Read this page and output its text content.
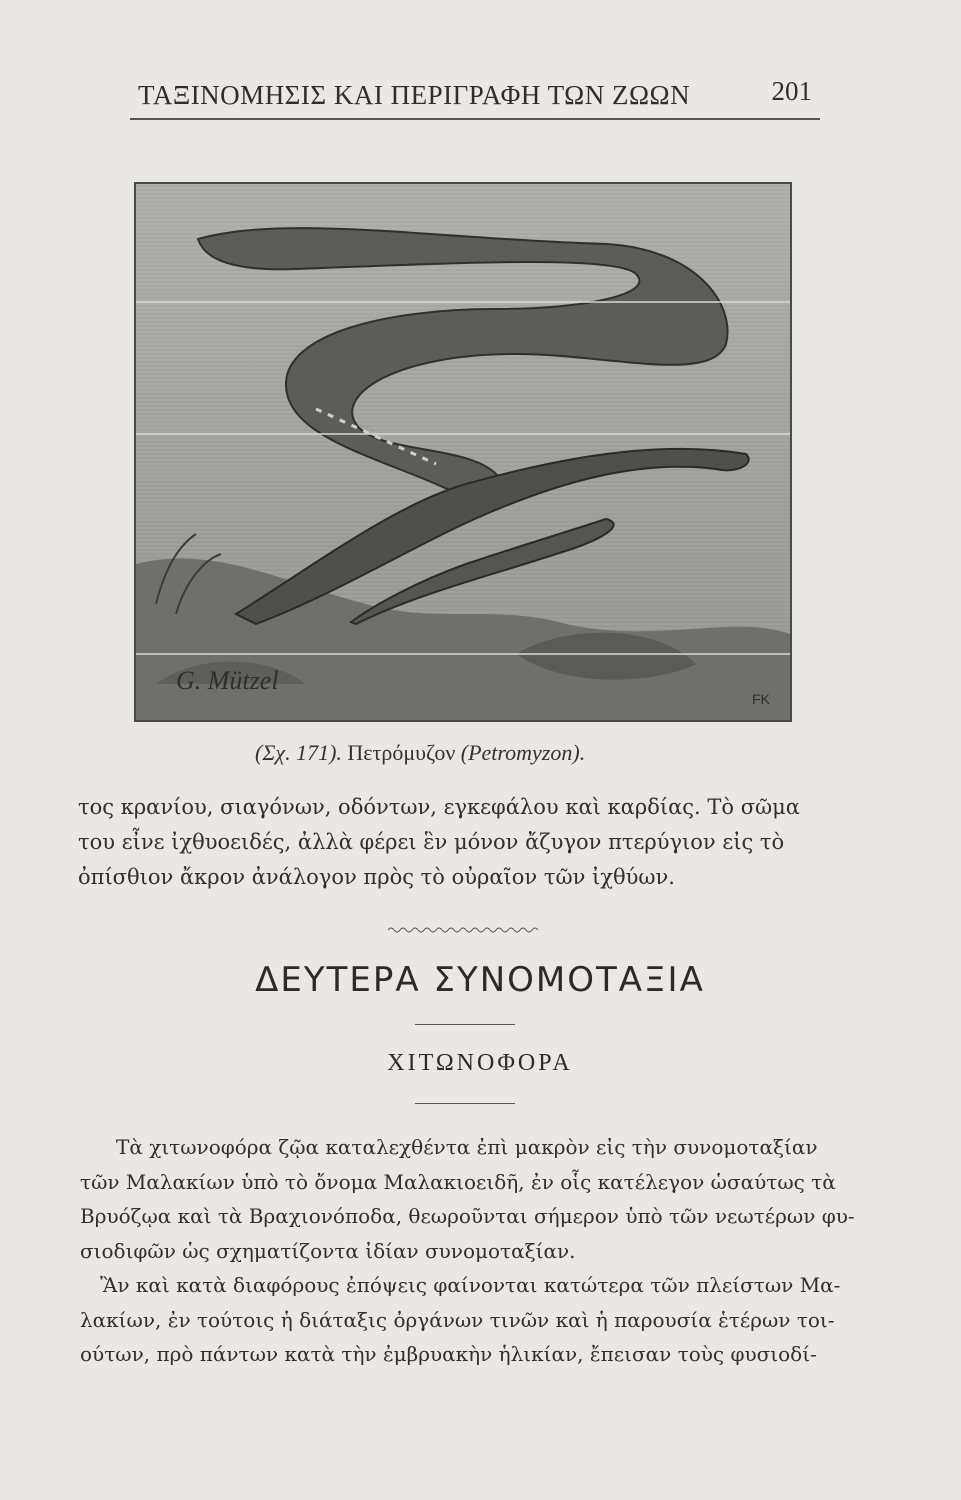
ΤΑΞΙΝΟΜΗΣΙΣ ΚΑΙ ΠΕΡΙΓΡΑΦΗ ΤΩΝ ΖΩΩΝ	201
G. Mützel
FK
(Σχ. 171). Πετρόμυζον (Petromyzon).
τος κρανίου, σιαγόνων, οδόντων, εγκεφάλου καὶ καρδίας. Τὸ σῶμα
του εἶνε ἰχθυοειδές, ἀλλὰ φέρει ἓν μόνον ἄζυγον πτερύγιον εἰς τὸ
ὀπίσθιον ἄκρον ἀνάλογον πρὸς τὸ οὐραῖον τῶν ἰχθύων.
ΔΕΥΤΕΡΑ ΣΥΝΟΜΟΤΑΞΙΑ
ΧΙΤΩΝΟΦΟΡΑ
Τὰ χιτωνοφόρα ζῷα καταλεχθέντα ἐπὶ μακρὸν εἰς τὴν συνομοταξίαν
τῶν Μαλακίων ὑπὸ τὸ ὄνομα Μαλακιοειδῆ, ἐν οἷς κατέλεγον ὡσαύτως τὰ
Βρυόζῳα καὶ τὰ Βραχιονόποδα, θεωροῦνται σήμερον ὑπὸ τῶν νεωτέρων φυ-
σιοδιφῶν ὡς σχηματίζοντα ἰδίαν συνομοταξίαν.
Ἂν καὶ κατὰ διαφόρους ἐπόψεις φαίνονται κατώτερα τῶν πλείστων Μα-
λακίων, ἐν τούτοις ἡ διάταξις ὀργάνων τινῶν καὶ ἡ παρουσία ἑτέρων τοι-
ούτων, πρὸ πάντων κατὰ τὴν ἐμβρυακὴν ἡλικίαν, ἔπεισαν τοὺς φυσιοδί-
